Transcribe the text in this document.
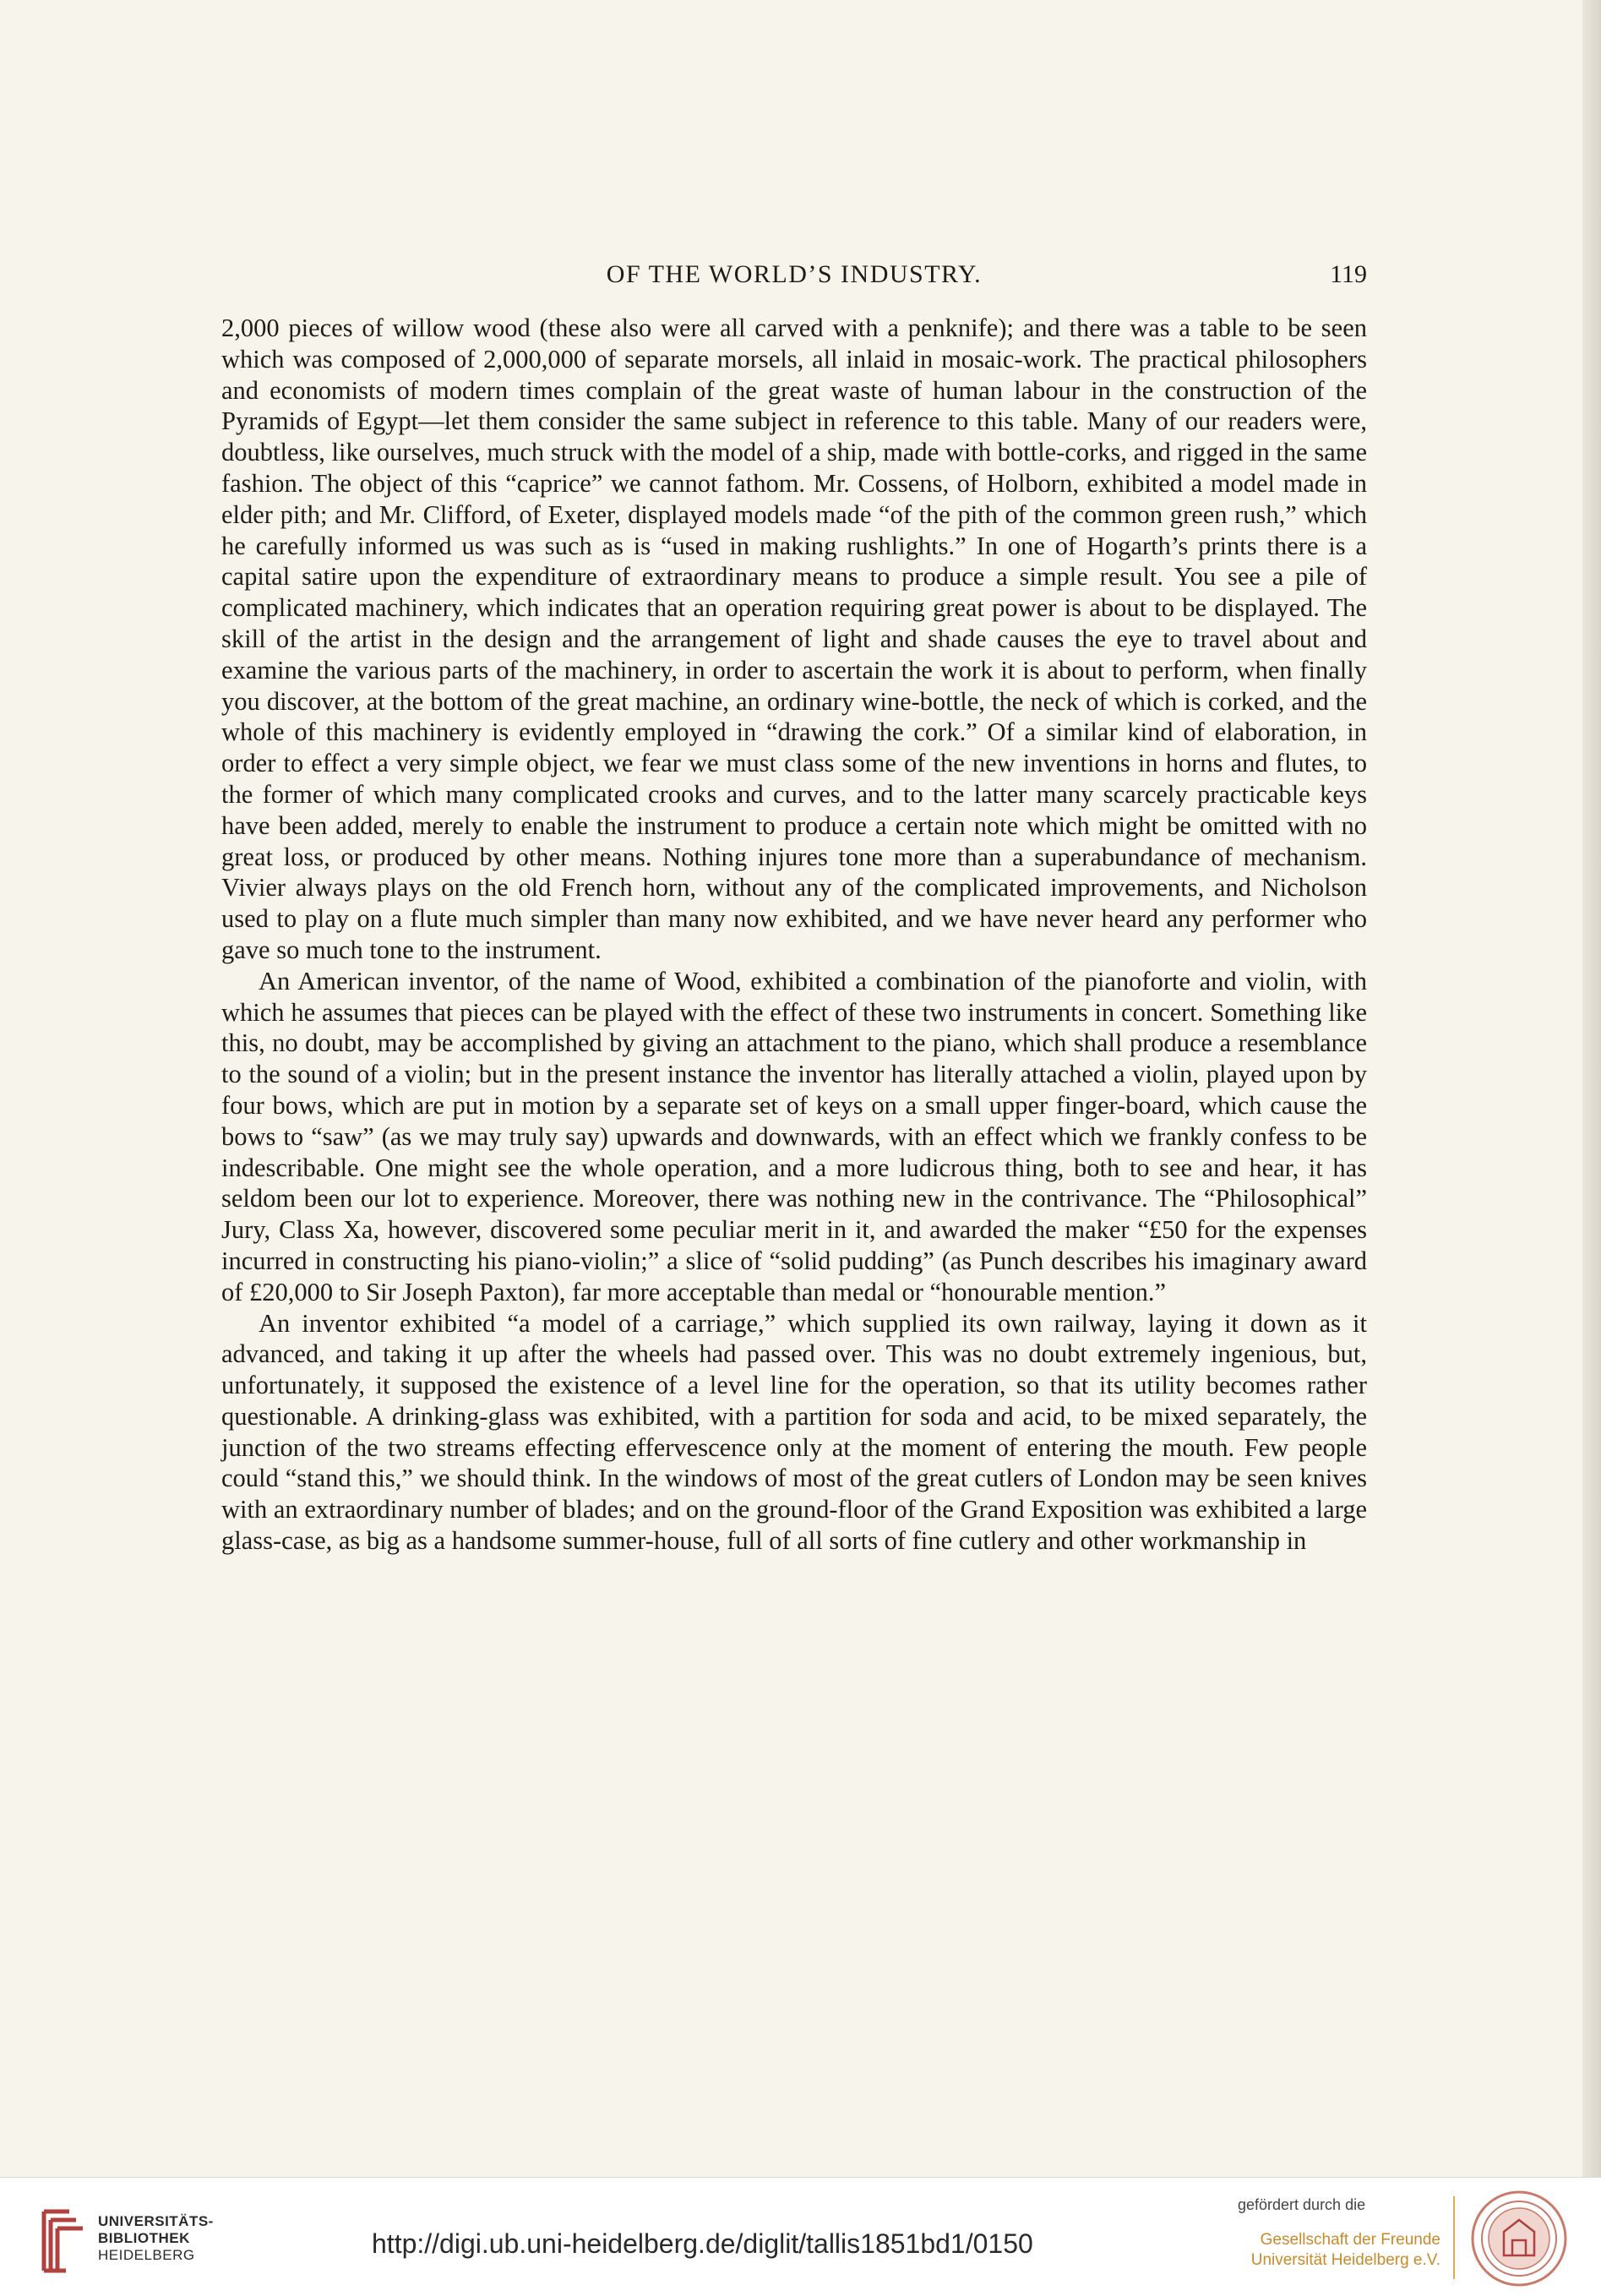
OF THE WORLD’S INDUSTRY.	119

2,000 pieces of willow wood (these also were all carved with a penknife); and there was a table to be seen which was composed of 2,000,000 of separate morsels, all inlaid in mosaic-work. The practical philosophers and economists of modern times complain of the great waste of human labour in the construction of the Pyramids of Egypt—let them consider the same subject in reference to this table. Many of our readers were, doubtless, like ourselves, much struck with the model of a ship, made with bottle-corks, and rigged in the same fashion. The object of this “caprice” we cannot fathom. Mr. Cossens, of Holborn, exhibited a model made in elder pith; and Mr. Clifford, of Exeter, displayed models made “of the pith of the common green rush,” which he carefully informed us was such as is “used in making rushlights.” In one of Hogarth’s prints there is a capital satire upon the expenditure of extraordinary means to produce a simple result. You see a pile of complicated machinery, which indicates that an operation requiring great power is about to be displayed. The skill of the artist in the design and the arrangement of light and shade causes the eye to travel about and examine the various parts of the machinery, in order to ascertain the work it is about to perform, when finally you discover, at the bottom of the great machine, an ordinary wine-bottle, the neck of which is corked, and the whole of this machinery is evidently employed in “drawing the cork.” Of a similar kind of elaboration, in order to effect a very simple object, we fear we must class some of the new inventions in horns and flutes, to the former of which many complicated crooks and curves, and to the latter many scarcely practicable keys have been added, merely to enable the instrument to produce a certain note which might be omitted with no great loss, or produced by other means. Nothing injures tone more than a superabundance of mechanism. Vivier always plays on the old French horn, without any of the complicated improvements, and Nicholson used to play on a flute much simpler than many now exhibited, and we have never heard any performer who gave so much tone to the instrument.

An American inventor, of the name of Wood, exhibited a combination of the pianoforte and violin, with which he assumes that pieces can be played with the effect of these two instruments in concert. Something like this, no doubt, may be accomplished by giving an attachment to the piano, which shall produce a resemblance to the sound of a violin; but in the present instance the inventor has literally attached a violin, played upon by four bows, which are put in motion by a separate set of keys on a small upper finger-board, which cause the bows to “saw” (as we may truly say) upwards and downwards, with an effect which we frankly confess to be indescribable. One might see the whole operation, and a more ludicrous thing, both to see and hear, it has seldom been our lot to experience. Moreover, there was nothing new in the contrivance. The “Philosophical” Jury, Class Xa, however, discovered some peculiar merit in it, and awarded the maker “£50 for the expenses incurred in constructing his piano-violin;” a slice of “solid pudding” (as Punch describes his imaginary award of £20,000 to Sir Joseph Paxton), far more acceptable than medal or “honourable mention.”

An inventor exhibited “a model of a carriage,” which supplied its own railway, laying it down as it advanced, and taking it up after the wheels had passed over. This was no doubt extremely ingenious, but, unfortunately, it supposed the existence of a level line for the operation, so that its utility becomes rather questionable. A drinking-glass was exhibited, with a partition for soda and acid, to be mixed separately, the junction of the two streams effecting effervescence only at the moment of entering the mouth. Few people could “stand this,” we should think. In the windows of most of the great cutlers of London may be seen knives with an extraordinary number of blades; and on the ground-floor of the Grand Exposition was exhibited a large glass-case, as big as a handsome summer-house, full of all sorts of fine cutlery and other workmanship in

UNIVERSITÄTS-
BIBLIOTHEK
HEIDELBERG	http://digi.ub.uni-heidelberg.de/diglit/tallis1851bd1/0150
gefördert durch die
Gesellschaft der Freunde
Universität Heidelberg e.V.
